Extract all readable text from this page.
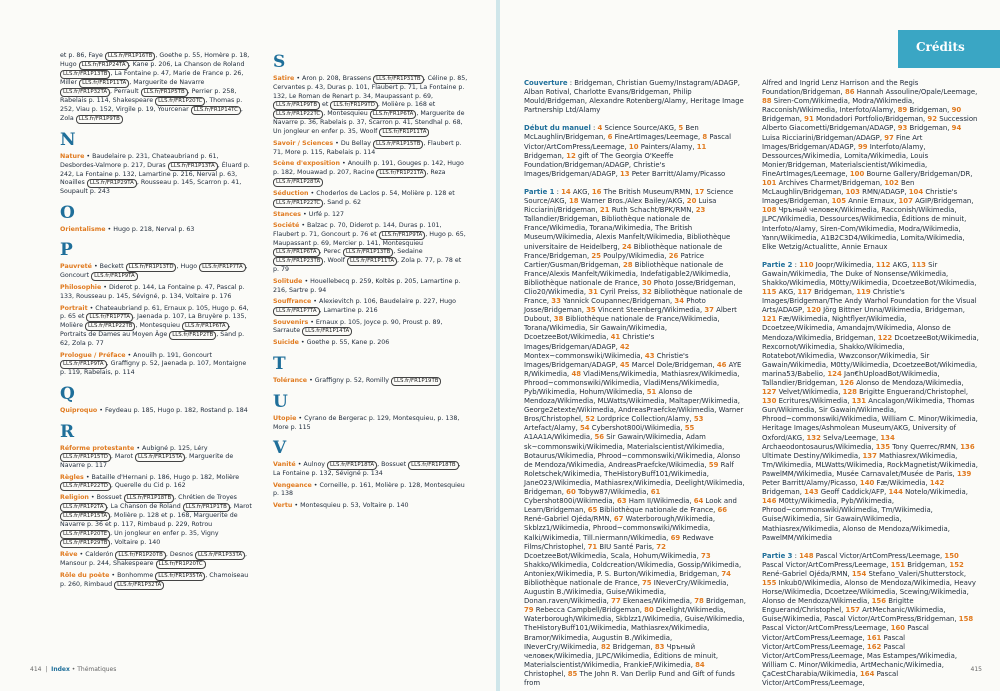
et p. 86, Faye LLS.fr/FR1P16TB , Goethe p. 55, Homère p. 18, Hugo LLS.fr/FR1P24TA , Kane p. 206, La Chanson de Roland LLS.fr/FR1P13TB , La Fontaine p. 47, Marie de France p. 26, Miller LLS.fr/FR1P11TA , Marguerite de Navarre LLS.fr/FR1P32TA , Perrault LLS.fr/FR1P5TB , Perrier p. 258, Rabelais p. 114, Shakespeare LLS.fr/FR1P20TC , Thomas p. 252, Viau p. 152, Virgile p. 19, Yourcenar LLS.fr/FR1P14TC , Zola LLS.fr/FR1P9TB
N
Nature • Baudelaire p. 231, Chateaubriand p. 61, Desbordes-Valmore p. 217, Duras LLS.fr/FR1P13TA , Éluard p. 242, La Fontaine p. 132, Lamartine p. 216, Nerval p. 63, Noailles LLS.fr/FR1P29TA , Rousseau p. 145, Scarron p. 41, Soupault p. 243
O
Orientalisme • Hugo p. 218, Nerval p. 63
P
Pauvreté • Beckett LLS.fr/FR1P13TD , Hugo LLS.fr/FR1P7TA , Goncourt LLS.fr/FR1P9TA
Philosophie • Diderot p. 144, La Fontaine p. 47, Pascal p. 133, Rousseau p. 145, Sévigné, p. 134, Voltaire p. 176
Portrait • Chateaubriand p. 61, Ernaux p. 105, Hugo p. 64, p. 65 et LLS.fr/FR1P7TA , Jaenada p. 107, La Bruyère p. 135, Molière LLS.fr/FR1P22TB , Montesquieu LLS.fr/FR1P6TA , Portraits de Dames au Moyen Âge LLS.fr/FR1P2TB , Sand p. 62, Zola p. 77
Prologue / Préface • Anouilh p. 191, Goncourt LLS.fr/FR1P9TA , Graffigny p. 52, Jaenada p. 107, Montaigne p. 119, Rabelais, p. 114
Q
Quiproquo • Feydeau p. 185, Hugo p. 182, Rostand p. 184
R
Réforme protestante • Aubigné p. 125, Léry LLS.fr/FR1P15TD , Marot LLS.fr/FR1P15TA , Marguerite de Navarre p. 117
Règles • Bataille d'Hernani p. 186, Hugo p. 182, Molière LLS.fr/FR1P22TD , Querelle du Cid p. 162
Religion • Bossuet LLS.fr/FR1P18TB , Chrétien de Troyes LLS.fr/FR1P2TA , La Chanson de Roland LLS.fr/FR1P1TB , Marot LLS.fr/FR1P15TA , Molière p. 128 et p. 168, Marguerite de Navarre p. 36 et p. 117, Rimbaud p. 229, Rotrou LLS.fr/FR1P20TE , Un jongleur en enfer p. 35, Vigny LLS.fr/FR1P29TB , Voltaire p. 140
Rêve • Calderón LLS.fr/FR1P20TB , Desnos LLS.fr/FR1P33TA , Mansour p. 244, Shakespeare LLS.fr/FR1P20TC
Rôle du poète • Bonhomme LLS.fr/FR1P35TA , Chamoiseau p. 260, Rimbaud LLS.fr/FR1P32TA
S
Satire • Aron p. 208, Brassens LLS.fr/FR1P31TB , Céline p. 85, Cervantes p. 43, Duras p. 101, Flaubert p. 71, La Fontaine p. 132, Le Roman de Renart p. 34, Maupassant p. 69, LLS.fr/FR1P9TB et LLS.fr/FR1P9TD , Molière p. 168 et LLS.fr/FR1P22TC , Montesquieu LLS.fr/FR1P6TA , Marguerite de Navarre p. 36, Rabelais p. 37, Scarron p. 41, Stendhal p. 68, Un jongleur en enfer p. 35, Woolf LLS.fr/FR1P11TA
Savoir / Sciences • Du Bellay LLS.fr/FR1P15TB , Flaubert p. 71, More p. 115, Rabelais p. 114
Scène d'exposition • Anouilh p. 191, Gouges p. 142, Hugo p. 182, Mouawad p. 207, Racine LLS.fr/FR1P21TA , Reza LLS.fr/FR1P28TA
Séduction • Choderlos de Laclos p. 54, Molière p. 128 et LLS.fr/FR1P22TC , Sand p. 62
Stances • Urfé p. 127
Société • Balzac p. 70, Diderot p. 144, Duras p. 101, Flaubert p. 71, Goncourt p. 76 et LLS.fr/FR1P9TA , Hugo p. 65, Maupassant p. 69, Mercier p. 141, Montesquieu LLS.fr/FR1P6TA , Perec LLS.fr/FR1P13TB , Sedaine LLS.fr/FR1P23TB , Woolf LLS.fr/FR1P11TA , Zola p. 77, p. 78 et p. 79
Solitude • Houellebecq p. 259, Koltès p. 205, Lamartine p. 216, Sartre p. 94
Souffrance • Alexievitch p. 106, Baudelaire p. 227, Hugo LLS.fr/FR1P7TA , Lamartine p. 216
Souvenirs • Ernaux p. 105, Joyce p. 90, Proust p. 89, Sarraute LLS.fr/FR1P14TA
Suicide • Goethe p. 55, Kane p. 206
T
Tolérance • Graffigny p. 52, Romilly LLS.fr/FR1P19TB
U
Utopie • Cyrano de Bergerac p. 129, Montesquieu, p. 138, More p. 115
V
Vanité • Aulnoy LLS.fr/FR1P18TA , Bossuet LLS.fr/FR1P18TB , La Fontaine p. 132, Sévigné p. 134
Vengeance • Corneille, p. 161, Molière p. 128, Montesquieu p. 138
Vertu • Montesquieu p. 53, Voltaire p. 140
414  |  Index • Thématiques
Crédits
Couverture : Bridgeman, Christian Guemy/Instagram/ADAGP, Alban Rotival, Charlotte Evans/Bridgeman, Philip Mould/Bridgeman, Alexandre Rotenberg/Alamy, Heritage Image Partnership Ltd/Alamy
Début du manuel : 4 Science Source/AKG, 5 Ben McLaughlin/Bridgeman, 6 FineArtImages/Leemage, 8 Pascal Victor/ArtComPress/Leemage, 10 Painters/Alamy, 11 Bridgeman, 12 gift of The Georgia O'Keeffe Foundation/Bridgeman/ADAGP, Christie's Images/Bridgeman/ADAGP, 13 Peter Barritt/Alamy/Picasso
Partie 1 : 14 AKG, 16 The British Museum/RMN, 17 Science Source/AKG, 18 Warner Bros./Alex Bailey/AKG, 20 Luisa Ricciarini/Bridgeman, 21 Ruth Schacht/BPK/RMN, 23 Tallandier/Bridgeman, Bibliothèque nationale de France/Wikimedia, Torana/Wikimedia, The British Museum/Wikimedia, Alexis Manfelt/Wikimedia, Bibliothèque universitaire de Heidelberg, 24 Bibliothèque nationale de France/Bridgeman, 25 Poulpy/Wikimedia, 26 Patrice Cartier/Gusman/Bridgeman, 28 Bibliothèque nationale de France/Alexis Manfelt/Wikimedia, Indefatigable2/Wikimedia, Bibliothèque nationale de France, 30 Photo Josse/Bridgeman, Clio20/Wikimedia, 31 Cyril Preiss, 32 Bibliothèque nationale de France, 33 Yannick Coupannec/Bridgeman, 34 Photo Josse/Bridgeman, 35 Vincent Steenberg/Wikimedia, 37 Albert Dubout, 38 Bibliothèque nationale de France/Wikimedia, Torana/Wikimedia, Sir Gawain/Wikimedia, DcoetzeeBot/Wikimedia, 41 Christie's Images/Bridgeman/ADAGP, 42 Montex~commonswiki/Wikimedia, 43 Christie's Images/Bridgeman/ADAGP, 45 Marcel Dole/Bridgeman, 46 AYE R/Wikimedia, 48 VladiMens/Wikimedia, Mathiasrex/Wikimedia, Phrood~commonswiki/Wikimedia, VladiMens/Wikimedia, Pyb/Wikimedia, Hohum/Wikimedia, 51 Alonso de Mendoza/Wikimedia, MLWatts/Wikimedia, Maltaper/Wikimedia, George2etexte/Wikimedia, AndreasPraefcke/Wikimedia, Warner Bros/Christophel, 52 Lordprice Collection/Alamy, 53 Artefact/Alamy, 54 Cybershot800i/Wikimedia, 55 A1AA1A/Wikimedia, 56 Sir Gawain/Wikimedia, Adam sk~commonswiki/Wikimedia, Materialscientist/Wikimedia, Botaurus/Wikimedia, Phrood~commonswiki/Wikimedia, Alonso de Mendoza/Wikimedia, AndreasPraefcke/Wikimedia, 59 Ralf Roletschek/Wikimedia, TheHistoryBuff101/Wikimedia, Jane023/Wikimedia, Mathiasrex/Wikimedia, Deelight/Wikimedia, Bridgeman, 60 Tobyw87/Wikimedia, 61 Cybershot800i/Wikimedia, 63 Ham II/Wikimedia, 64 Look and Learn/Bridgeman, 65 Bibliothèque nationale de France, 66 René-Gabriel Ojéda/RMN, 67 Waterborough/Wikimedia, Skblzz1/Wikimedia, Phrood~commonswiki/Wikimedia, Kalki/Wikimedia, Till.niermann/Wikimedia, 69 Redwave Films/Christophel, 71 BIU Santé Paris, 72 DcoetzeeBot/Wikimedia, Scala, Hohum/Wikimedia, 73 Shakko/Wikimedia, Coldcreation/Wikimedia, Gossip/Wikimedia, Antoniex/Wikimedia, P. S. Burton/Wikimedia, Bridgeman, 74 Bibliothèque nationale de France, 75 INeverCry/Wikimedia, Augustin B./Wikimedia, Guise/Wikimedia, Donan.raven/Wikimedia, 77 Ekenaes/Wikimedia, 78 Bridgeman, 79 Rebecca Campbell/Bridgeman, 80 Deelight/Wikimedia, Waterborough/Wikimedia, Skblzz1/Wikimedia, Guise/Wikimedia, TheHistoryBuff101/Wikimedia, Mathiasrex/Wikimedia, Bramor/Wikimedia, Augustin B./Wikimedia, INeverCry/Wikimedia, 82 Bridgeman, 83 Чръный человек/Wikimedia, JLPC/Wikimedia, Éditions de minuit, Materialscientist/Wikimedia, FrankieF/Wikimedia, 84 Christophel, 85 The John R. Van Derlip Fund and Gift of funds from
Alfred and Ingrid Lenz Harrison and the Regis Foundation/Bridgeman, 86 Hannah Assouline/Opale/Leemage, 88 Siren-Com/Wikimedia, Modra/Wikimedia, Racconish/Wikimedia, Interfoto/Alamy, 89 Bridgeman, 90 Bridgeman, 91 Mondadori Portfolio/Bridgeman, 92 Succession Alberto Giacometti/Bridgeman/ADAGP, 93 Bridgeman, 94 Luisa Ricciarini/Bridgeman/ADAGP, 97 Fine Art Images/Bridgeman/ADAGP, 99 Interfoto/Alamy, Dessources/Wikimedia, Lomita/Wikimedia, Louis Monier/Bridgeman, Materialscientist/Wikimedia, FineArtImages/Leemage, 100 Bourne Gallery/Bridgeman/DR, 101 Archives Charmet/Bridgeman, 102 Ben McLaughlin/Bridgeman, 103 RMN/ADAGP, 104 Christie's Images/Bridgeman, 105 Annie Ernaux, 107 AGIP/Bridgeman, 108 Чръный человек/Wikimedia, Racconish/Wikimedia, JLPC/Wikimedia, Dessources/Wikimedia, Éditions de minuit, Interfoto/Alamy, Siren-Com/Wikimedia, Modra/Wikimedia, Yann/Wikimedia, A1B2C3D4/Wikimedia, Lomita/Wikimedia, Elke Wetzig/Actualitte, Annie Ernaux
Partie 2 : 110 Joopr/Wikimedia, 112 AKG, 113 Sir Gawain/Wikimedia, The Duke of Nonsense/Wikimedia, Shakko/Wikimedia, M0tty/Wikimedia, DcoetzeeBot/Wikimedia, 115 AKG, 117 Bridgeman, 119 Christie's Images/Bridgeman/The Andy Warhol Foundation for the Visual Arts/ADAGP, 120 Jörg Bittner Unna/Wikimedia, Bridgeman, 121 Fæ/Wikimedia, Nightflyer/Wikimedia, Dcoetzee/Wikimedia, Amandajm/Wikimedia, Alonso de Mendoza/Wikimedia, Bridgeman, 122 DcoetzeeBot/Wikimedia, Rexcornot/Wikimedia, Shakko/Wikimedia, Rotatebot/Wikimedia, Wwzconsor/Wikimedia, Sir Gawain/Wikimedia, M0tty/Wikimedia, DcoetzeeBot/Wikimedia, marina53/Babelio, 124 Jan€hUploadBot/Wikimedia, Tallandier/Bridgeman, 126 Alonso de Mendoza/Wikimedia, 127 Velvet/Wikimedia, 128 Brigitte Enguerand/Christophel, 130 Ecritures/Wikimedia, 131 Ancalagon/Wikimedia, Thomas Gun/Wikimedia, Sir Gawain/Wikimedia, Phrood~commonswiki/Wikimedia, William C. Minor/Wikimedia, Heritage Images/Ashmolean Museum/AKG, University of Oxford/AKG, 132 Selva/Leemage, 134 Archaeodontosaurus/Wikimedia, 135 Tony Querrec/RMN, 136 Ultimate Destiny/Wikimedia, 137 Mathiasrex/Wikimedia, Tm/Wikimedia, MLWatts/Wikimedia, RockMagnetist/Wikimedia, PawelMM/Wikimedia, Musée Carnavalet/Musée de Paris, 139 Peter Barritt/Alamy/Picasso, 140 Fæ/Wikimedia, 142 Bridgeman, 143 Geoff Caddick/AFP, 144 Notelo/Wikimedia, 146 M0tty/Wikimedia, Pyb/Wikimedia, Phrood~commonswiki/Wikimedia, Tm/Wikimedia, Guise/Wikimedia, Sir Gawain/Wikimedia, Mathiasrex/Wikimedia, Alonso de Mendoza/Wikimedia, PawelMM/Wikimedia
Partie 3 : 148 Pascal Victor/ArtComPress/Leemage, 150 Pascal Victor/ArtComPress/Leemage, 151 Bridgeman, 152 René-Gabriel Ojéda/RMN, 154 Stefano_Valeri/Shutterstock, 155 Inkub0/Wikimedia, Alonso de Mendoza/Wikimedia, Heavy Horse/Wikimedia, Dcoetzee/Wikimedia, Scewing/Wikimedia, Alonso de Mendoza/Wikimedia, 156 Brigitte Enguerand/Christophel, 157 ArtMechanic/Wikimedia, Guise/Wikimedia, Pascal Victor/ArtComPress/Bridgeman, 158 Pascal Victor/ArtComPress/Leemage, 160 Pascal Victor/ArtComPress/Leemage, 161 Pascal Victor/ArtComPress/Leemage, 162 Pascal Victor/ArtComPress/Leemage, Mas Estampes/Wikimedia, William C. Minor/Wikimedia, ArtMechanic/Wikimedia, ÇaCestCharabia/Wikimedia, 164 Pascal Victor/ArtComPress/Leemage,
415
